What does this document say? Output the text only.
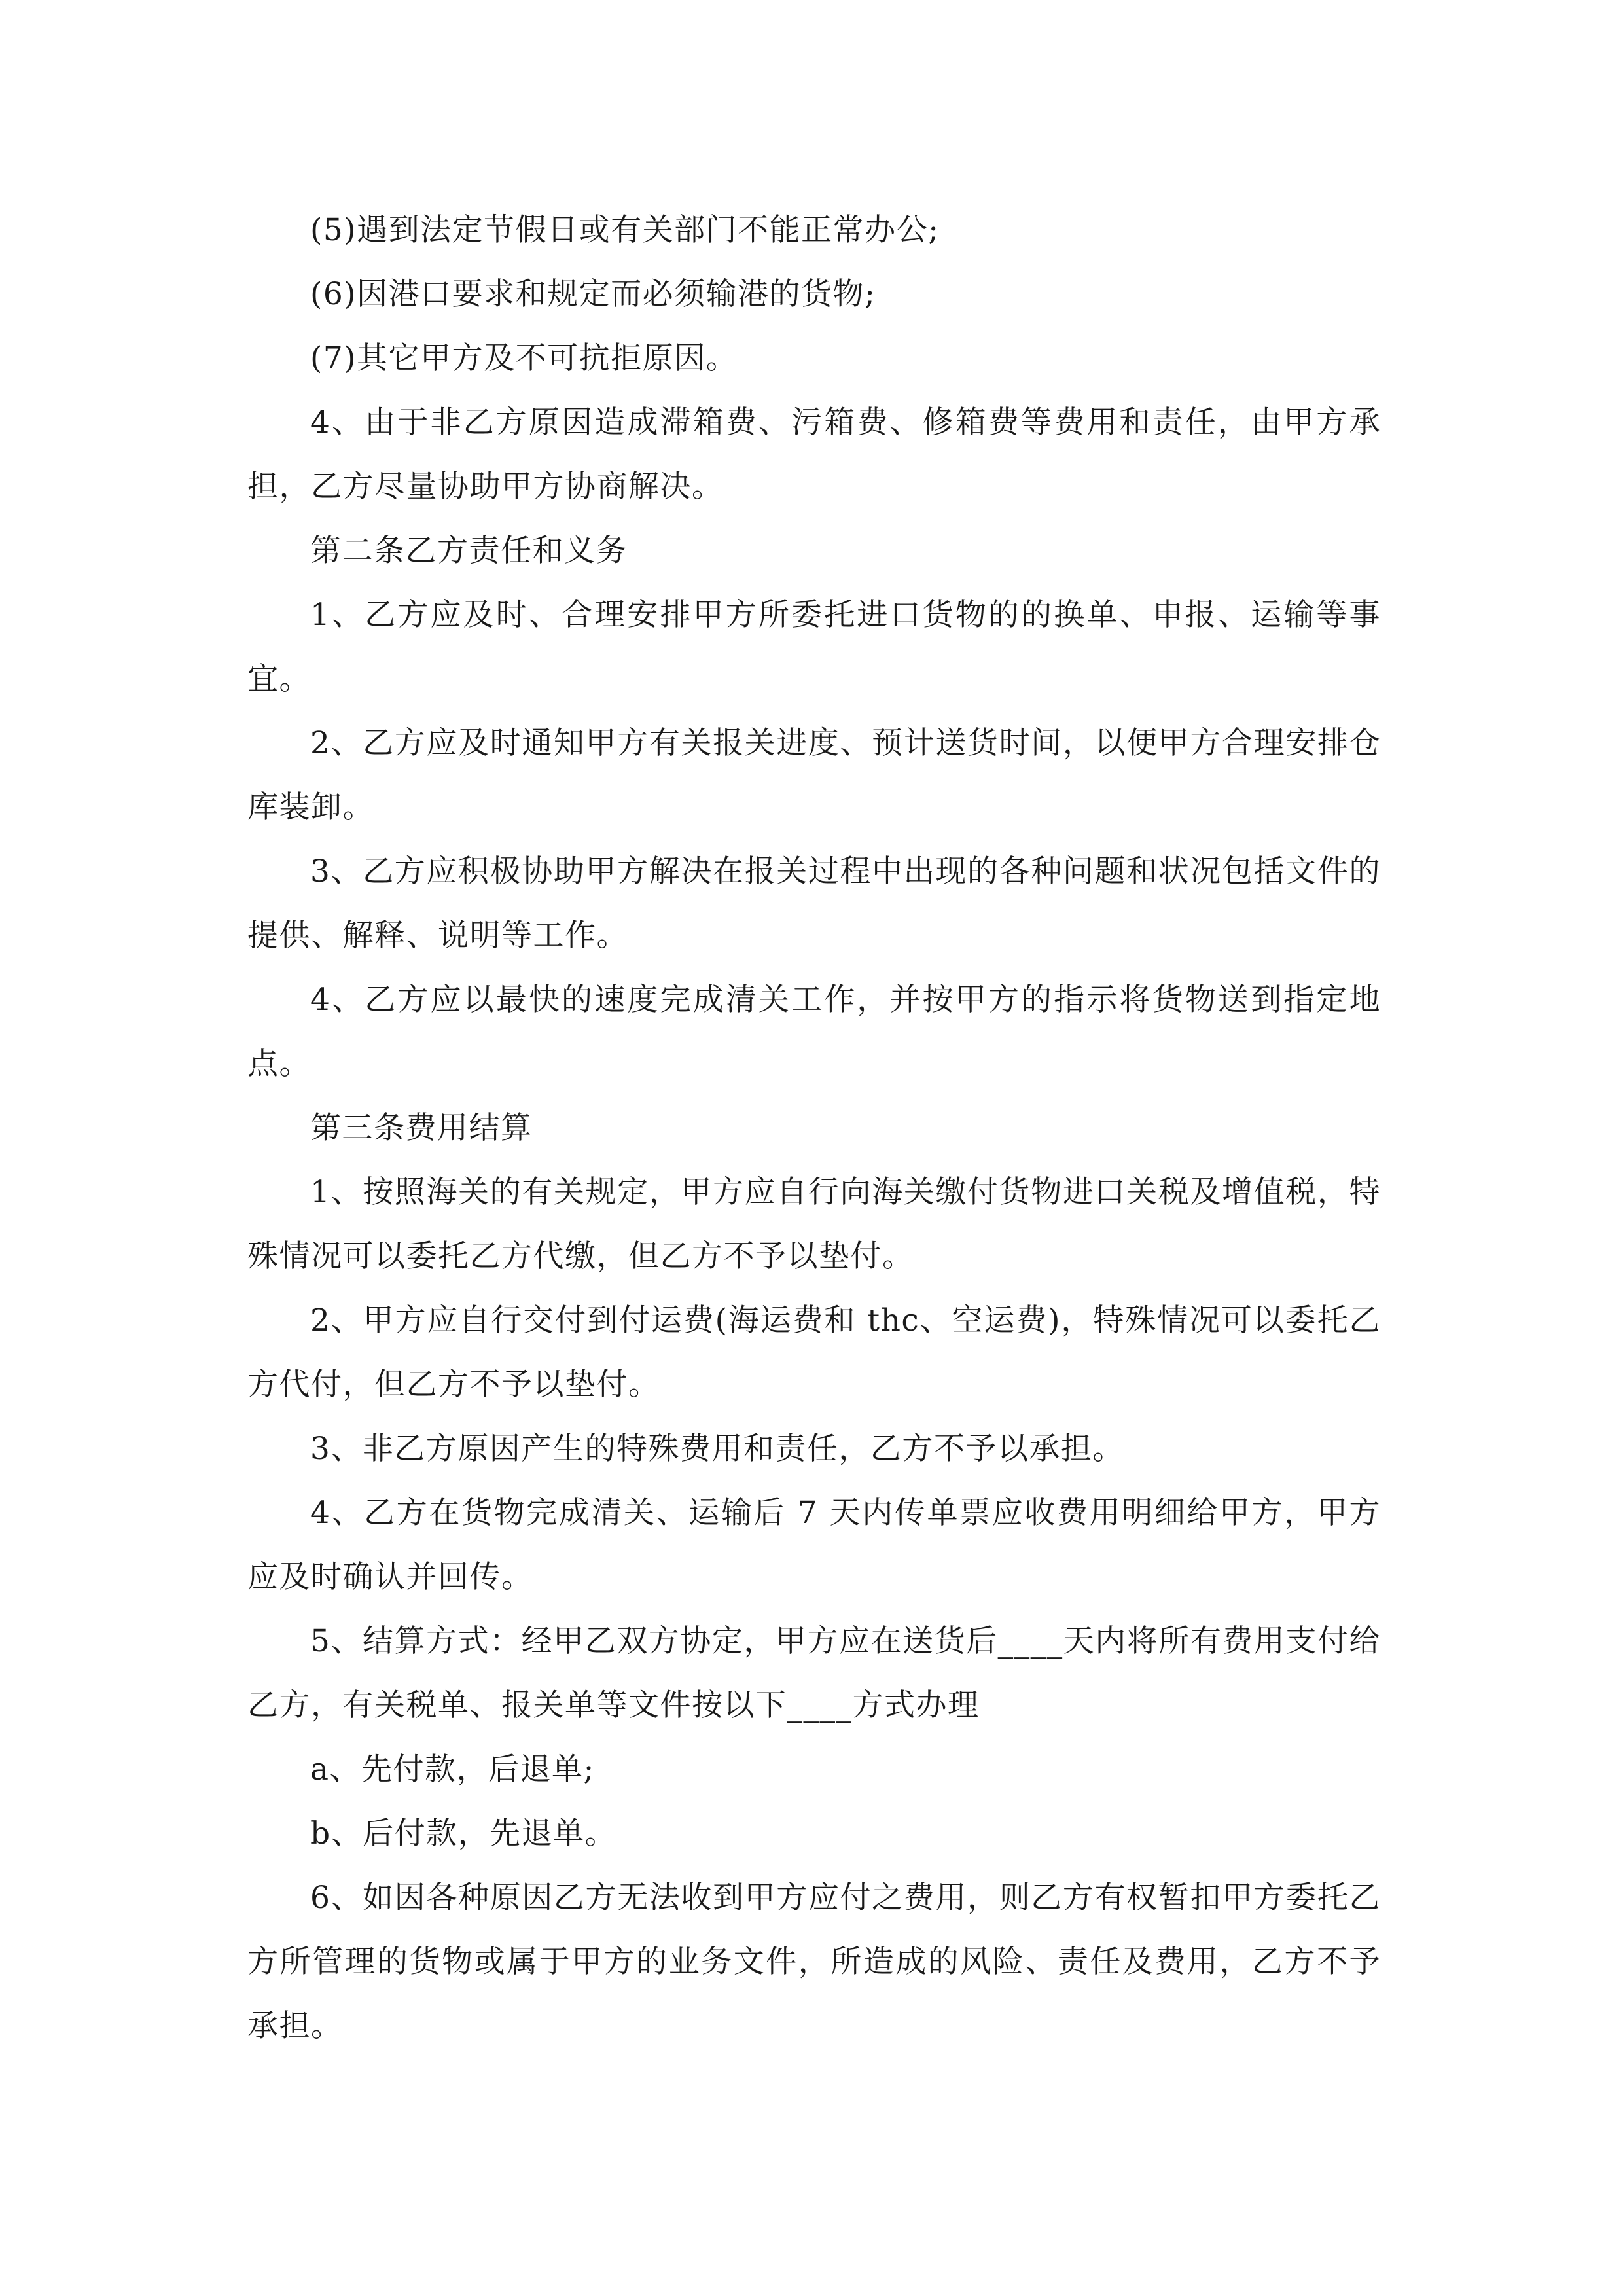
(5)遇到法定节假日或有关部门不能正常办公;

(6)因港口要求和规定而必须输港的货物;

(7)其它甲方及不可抗拒原因。

4、由于非乙方原因造成滞箱费、污箱费、修箱费等费用和责任，由甲方承担，乙方尽量协助甲方协商解决。

第二条乙方责任和义务

1、乙方应及时、合理安排甲方所委托进口货物的的换单、申报、运输等事宜。

2、乙方应及时通知甲方有关报关进度、预计送货时间，以便甲方合理安排仓库装卸。

3、乙方应积极协助甲方解决在报关过程中出现的各种问题和状况包括文件的提供、解释、说明等工作。

4、乙方应以最快的速度完成清关工作，并按甲方的指示将货物送到指定地点。

第三条费用结算

1、按照海关的有关规定，甲方应自行向海关缴付货物进口关税及增值税，特殊情况可以委托乙方代缴，但乙方不予以垫付。

2、甲方应自行交付到付运费(海运费和 thc、空运费)，特殊情况可以委托乙方代付，但乙方不予以垫付。

3、非乙方原因产生的特殊费用和责任，乙方不予以承担。

4、乙方在货物完成清关、运输后 7 天内传单票应收费用明细给甲方，甲方应及时确认并回传。

5、结算方式：经甲乙双方协定，甲方应在送货后____天内将所有费用支付给乙方，有关税单、报关单等文件按以下____方式办理

a、先付款，后退单;

b、后付款，先退单。

6、如因各种原因乙方无法收到甲方应付之费用，则乙方有权暂扣甲方委托乙方所管理的货物或属于甲方的业务文件，所造成的风险、责任及费用，乙方不予承担。
